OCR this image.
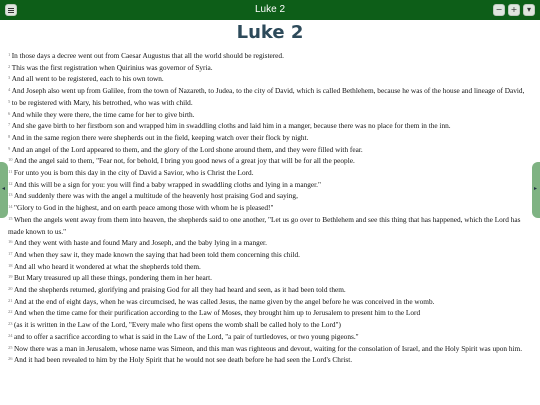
Luke 2	−	+	▾
Luke 2

$^1$ In those days a decree went out from Caesar Augustus that all the world should be registered.

$^2$ This was the first registration when Quirinius was governor of Syria.

$^3$ And all went to be registered, each to his own town.

$^4$ And Joseph also went up from Galilee, from the town of Nazareth, to Judea, to the city of David, which is called Bethlehem, because he was of the house and lineage of David,

$^5$ to be registered with Mary, his betrothed, who was with child.

$^6$ And while they were there, the time came for her to give birth.

$^7$ And she gave birth to her firstborn son and wrapped him in swaddling cloths and laid him in a manger, because there was no place for them in the inn.

$^8$ And in the same region there were shepherds out in the field, keeping watch over their flock by night.

$^9$ And an angel of the Lord appeared to them, and the glory of the Lord shone around them, and they were filled with fear.

$^{10}$ And the angel said to them, "Fear not, for behold, I bring you good news of a great joy that will be for all the people.

$^{11}$ For unto you is born this day in the city of David a Savior, who is Christ the Lord.

$^{12}$ And this will be a sign for you: you will find a baby wrapped in swaddling cloths and lying in a manger."

$^{13}$ And suddenly there was with the angel a multitude of the heavenly host praising God and saying,

$^{14}$ "Glory to God in the highest, and on earth peace among those with whom he is pleased!"

$^{15}$ When the angels went away from them into heaven, the shepherds said to one another, "Let us go over to Bethlehem and see this thing that has happened, which the Lord has made known to us."

$^{16}$ And they went with haste and found Mary and Joseph, and the baby lying in a manger.

$^{17}$ And when they saw it, they made known the saying that had been told them concerning this child.

$^{18}$ And all who heard it wondered at what the shepherds told them.

$^{19}$ But Mary treasured up all these things, pondering them in her heart.

$^{20}$ And the shepherds returned, glorifying and praising God for all they had heard and seen, as it had been told them.

$^{21}$ And at the end of eight days, when he was circumcised, he was called Jesus, the name given by the angel before he was conceived in the womb.

$^{22}$ And when the time came for their purification according to the Law of Moses, they brought him up to Jerusalem to present him to the Lord

$^{23}$ (as it is written in the Law of the Lord, "Every male who first opens the womb shall be called holy to the Lord")

$^{24}$ and to offer a sacrifice according to what is said in the Law of the Lord, "a pair of turtledoves, or two young pigeons."

$^{25}$ Now there was a man in Jerusalem, whose name was Simeon, and this man was righteous and devout, waiting for the consolation of Israel, and the Holy Spirit was upon him.

$^{26}$ And it had been revealed to him by the Holy Spirit that he would not see death before he had seen the Lord's Christ.

◂	▸
